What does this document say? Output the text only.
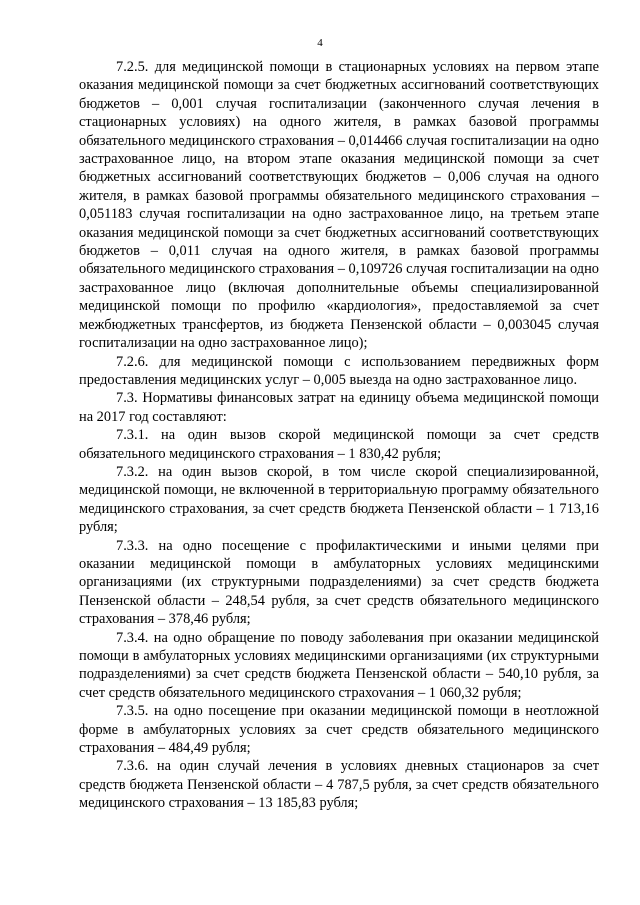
4

7.2.5. для медицинской помощи в стационарных условиях на первом этапе оказания медицинской помощи за счет бюджетных ассигнований соответствующих бюджетов – 0,001 случая госпитализации (законченного случая лечения в стационарных условиях) на одного жителя, в рамках базовой программы обязательного медицинского страхования – 0,014466 случая госпитализации на одно застрахованное лицо, на втором этапе оказания медицинской помощи за счет бюджетных ассигнований соответствующих бюджетов – 0,006 случая на одного жителя, в рамках базовой программы обязательного медицинского страхования – 0,051183 случая госпитализации на одно застрахованное лицо, на третьем этапе оказания медицинской помощи за счет бюджетных ассигнований соответствующих бюджетов – 0,011 случая на одного жителя, в рамках базовой программы обязательного медицинского страхования – 0,109726 случая госпитализации на одно застрахованное лицо (включая дополнительные объемы специализированной медицинской помощи по профилю «кардиология», предоставляемой за счет межбюджетных трансфертов, из бюджета Пензенской области – 0,003045 случая госпитализации на одно застрахованное лицо);

7.2.6. для медицинской помощи с использованием передвижных форм предоставления медицинских услуг – 0,005 выезда на одно застрахованное лицо.

7.3. Нормативы финансовых затрат на единицу объема медицинской помощи на 2017 год составляют:

7.3.1. на один вызов скорой медицинской помощи за счет средств обязательного медицинского страхования – 1 830,42 рубля;

7.3.2. на один вызов скорой, в том числе скорой специализированной, медицинской помощи, не включенной в территориальную программу обязательного медицинского страхования, за счет средств бюджета Пензенской области – 1 713,16 рубля;

7.3.3. на одно посещение с профилактическими и иными целями при оказании медицинской помощи в амбулаторных условиях медицинскими организациями (их структурными подразделениями) за счет средств бюджета Пензенской области – 248,54 рубля, за счет средств обязательного медицинского страхования – 378,46 рубля;

7.3.4. на одно обращение по поводу заболевания при оказании медицинской помощи в амбулаторных условиях медицинскими организациями (их структурными подразделениями) за счет средств бюджета Пензенской области – 540,10 рубля, за счет средств обязательного медицинского страхоvания – 1 060,32 рубля;

7.3.5. на одно посещение при оказании медицинской помощи в неотложной форме в амбулаторных условиях за счет средств обязательного медицинского страхования – 484,49 рубля;

7.3.6. на один случай лечения в условиях дневных стационаров за счет средств бюджета Пензенской области – 4 787,5 рубля, за счет средств обязательного медицинского страхования – 13 185,83 рубля;
